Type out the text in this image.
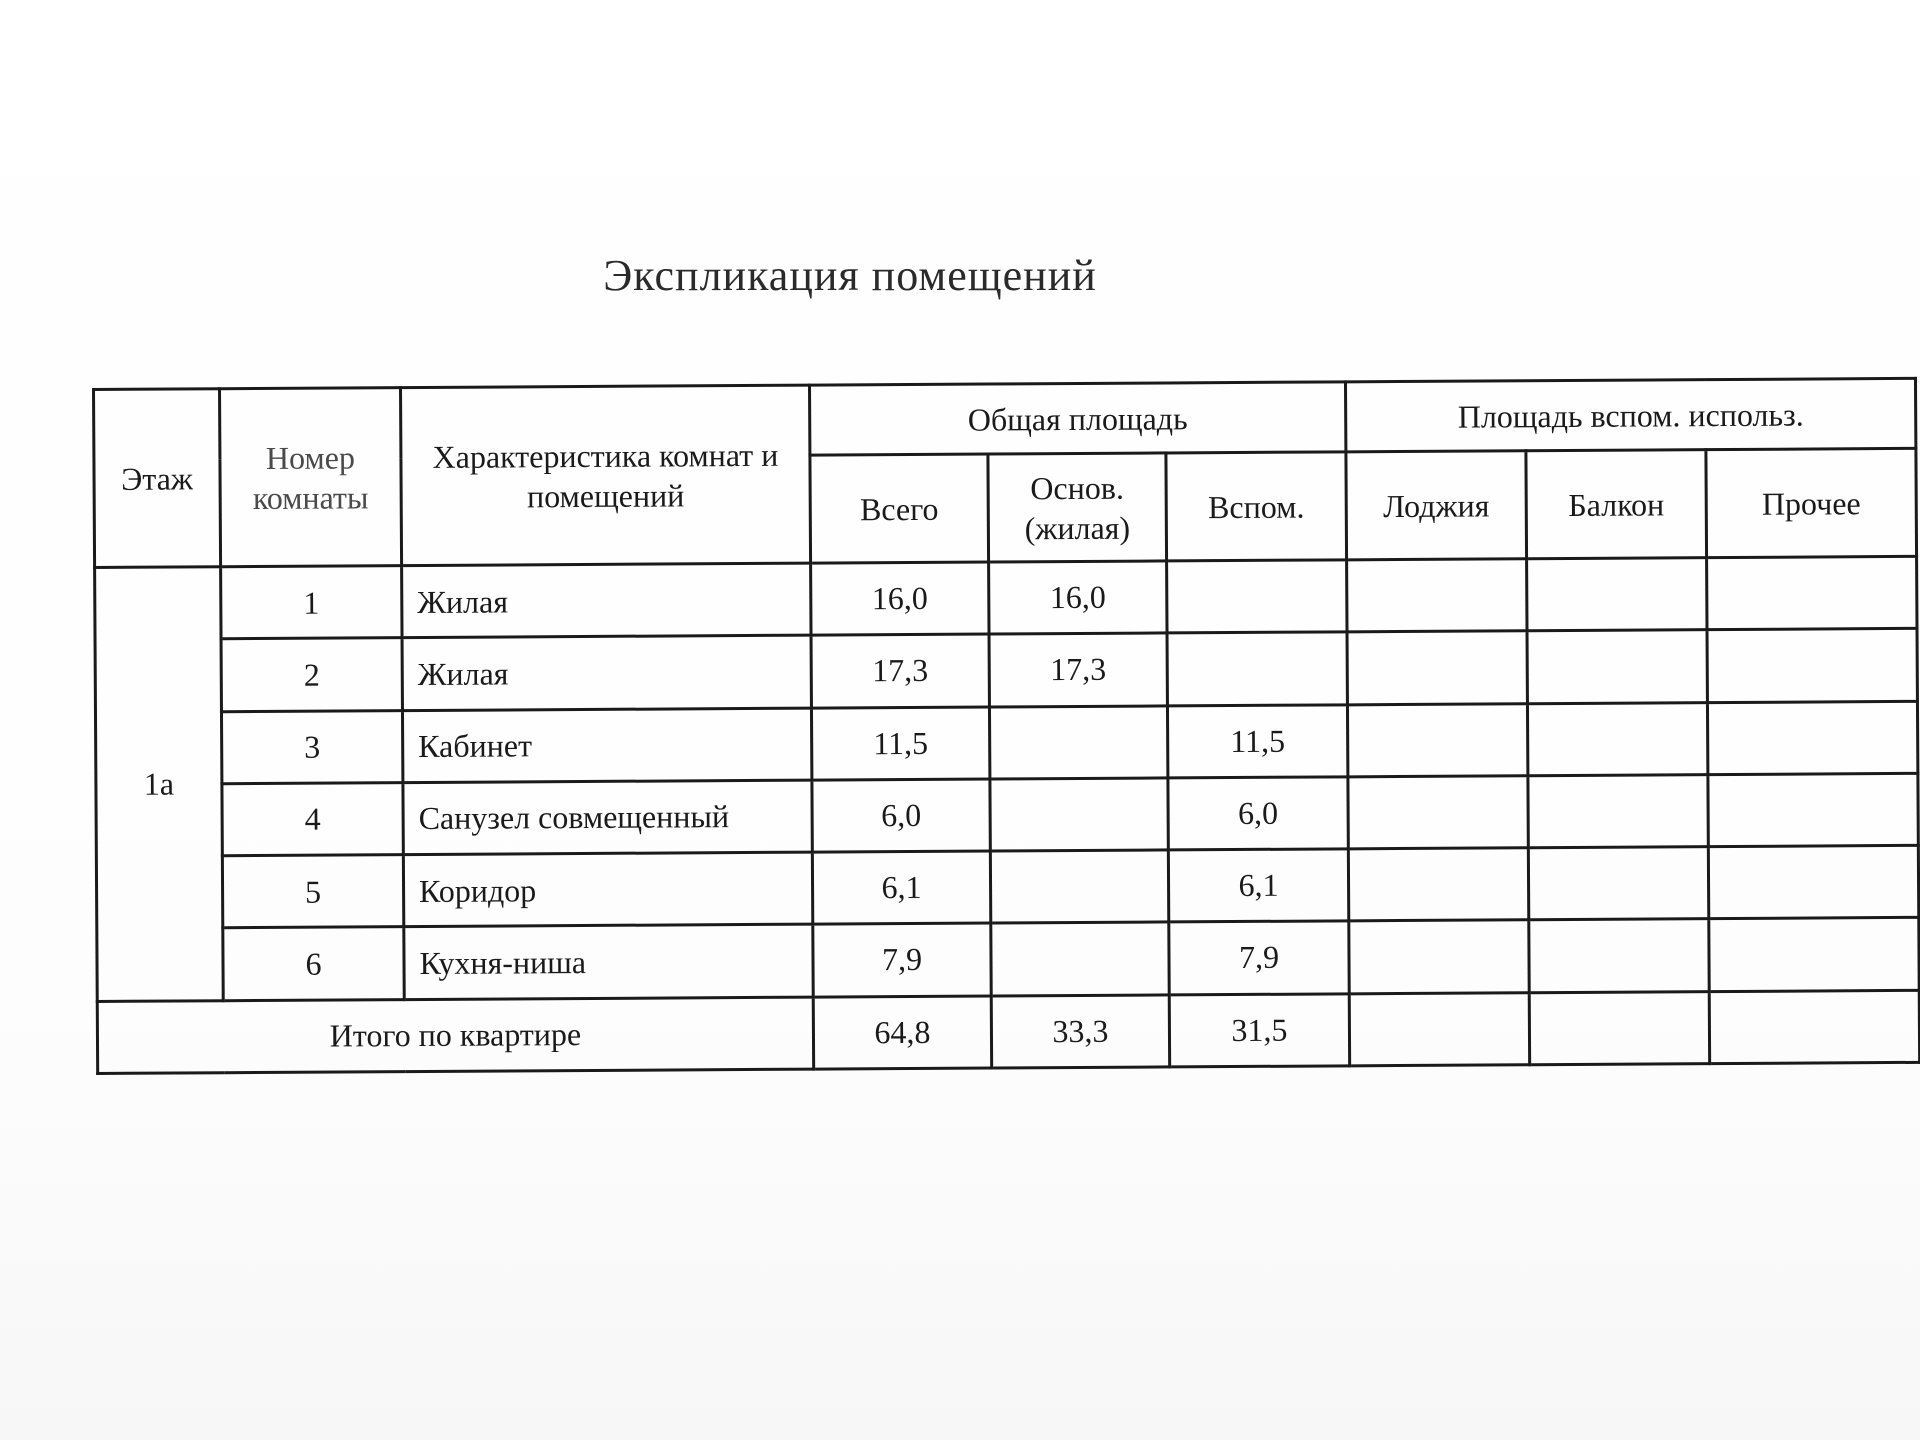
Экспликация помещений
Этаж	Номер комнаты	Характеристика комнат и помещений	Общая площадь			Площадь вспом. использ.		
			Всего	Основ. (жилая)	Вспом.	Лоджия	Балкон	Прочее
1а	1	Жилая	16,0	16,0				
	2	Жилая	17,3	17,3				
	3	Кабинет	11,5		11,5			
	4	Санузел совмещенный	6,0		6,0			
	5	Коридор	6,1		6,1			
	6	Кухня-ниша	7,9		7,9			
Итого по квартире			64,8	33,3	31,5			
